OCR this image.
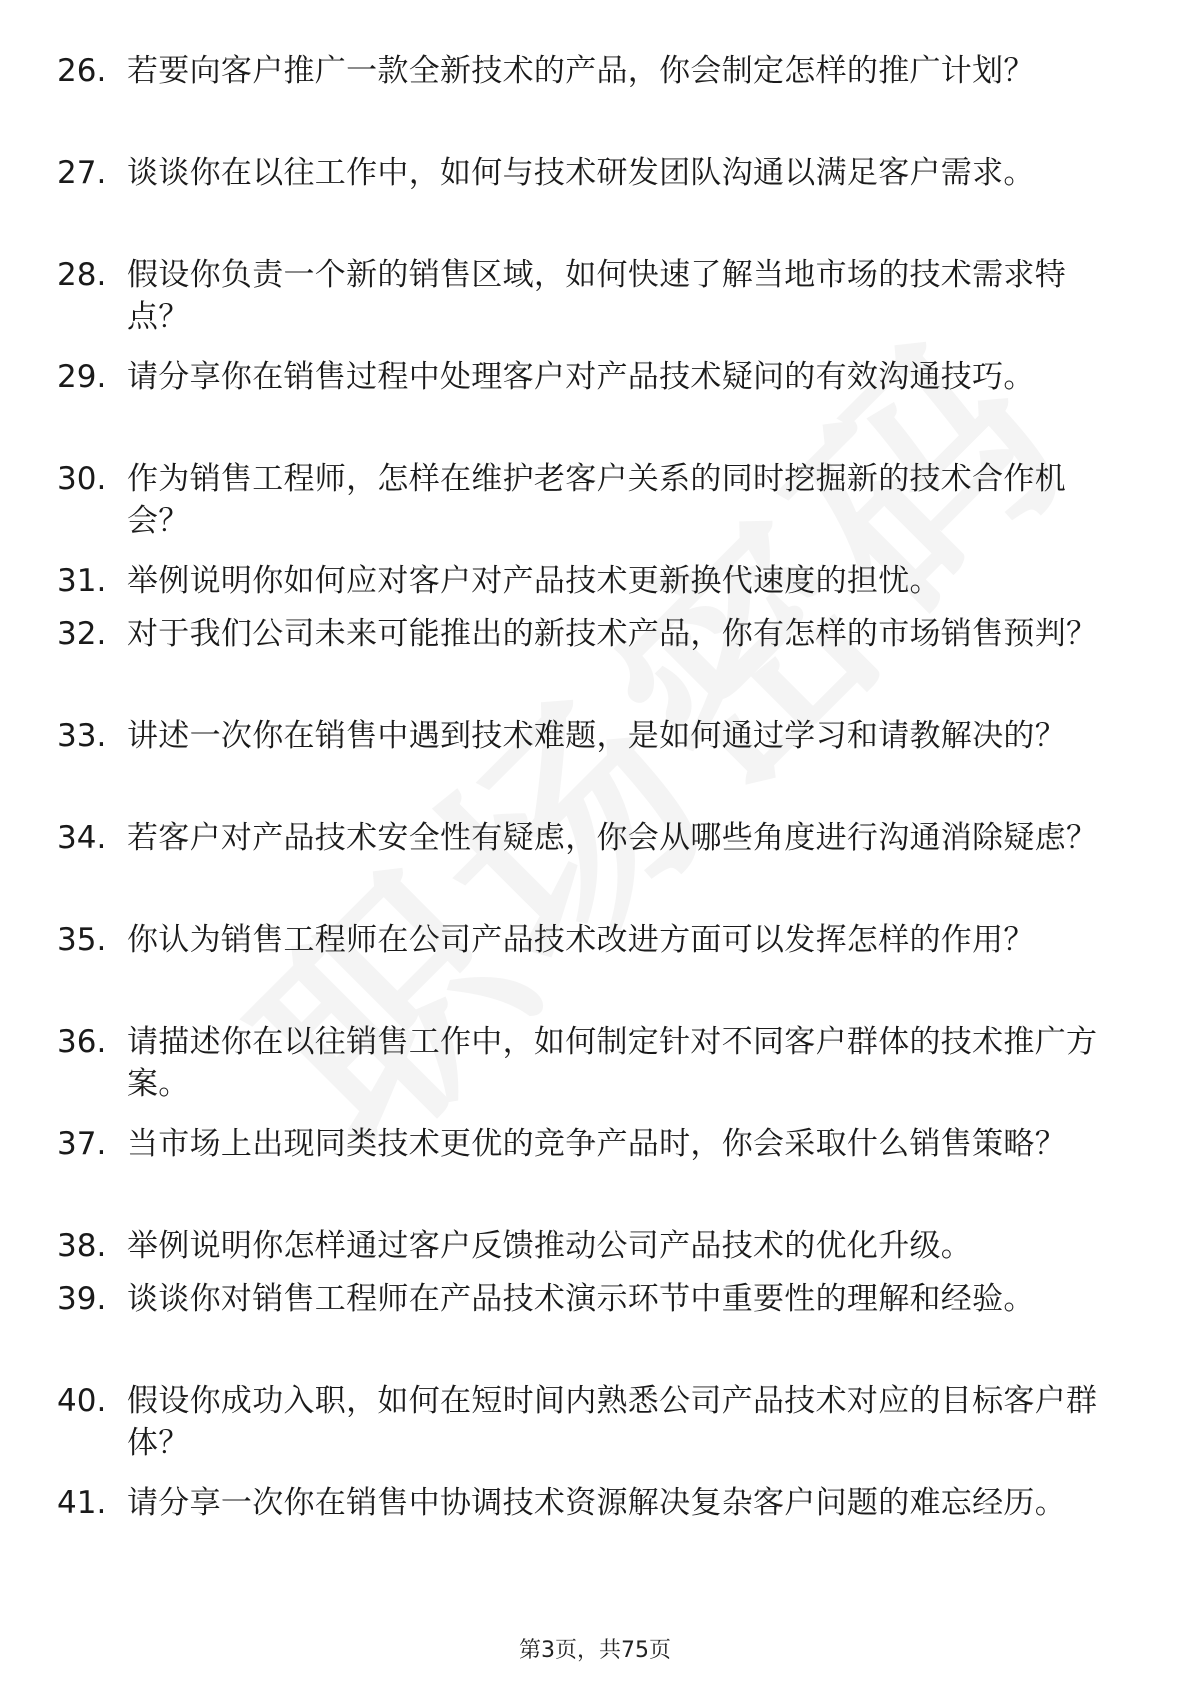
26. 若要向客户推广一款全新技术的产品，你会制定怎样的推广计划？
27. 谈谈你在以往工作中，如何与技术研发团队沟通以满足客户需求。
28. 假设你负责一个新的销售区域，如何快速了解当地市场的技术需求特点？
29. 请分享你在销售过程中处理客户对产品技术疑问的有效沟通技巧。
30. 作为销售工程师，怎样在维护老客户关系的同时挖掘新的技术合作机会？
31. 举例说明你如何应对客户对产品技术更新换代速度的担忧。
32. 对于我们公司未来可能推出的新技术产品，你有怎样的市场销售预判？
33. 讲述一次你在销售中遇到技术难题，是如何通过学习和请教解决的？
34. 若客户对产品技术安全性有疑虑，你会从哪些角度进行沟通消除疑虑？
35. 你认为销售工程师在公司产品技术改进方面可以发挥怎样的作用？
36. 请描述你在以往销售工作中，如何制定针对不同客户群体的技术推广方案。
37. 当市场上出现同类技术更优的竞争产品时，你会采取什么销售策略？
38. 举例说明你怎样通过客户反馈推动公司产品技术的优化升级。
39. 谈谈你对销售工程师在产品技术演示环节中重要性的理解和经验。
40. 假设你成功入职，如何在短时间内熟悉公司产品技术对应的目标客户群体？
41. 请分享一次你在销售中协调技术资源解决复杂客户问题的难忘经历。
第3页，共75页
